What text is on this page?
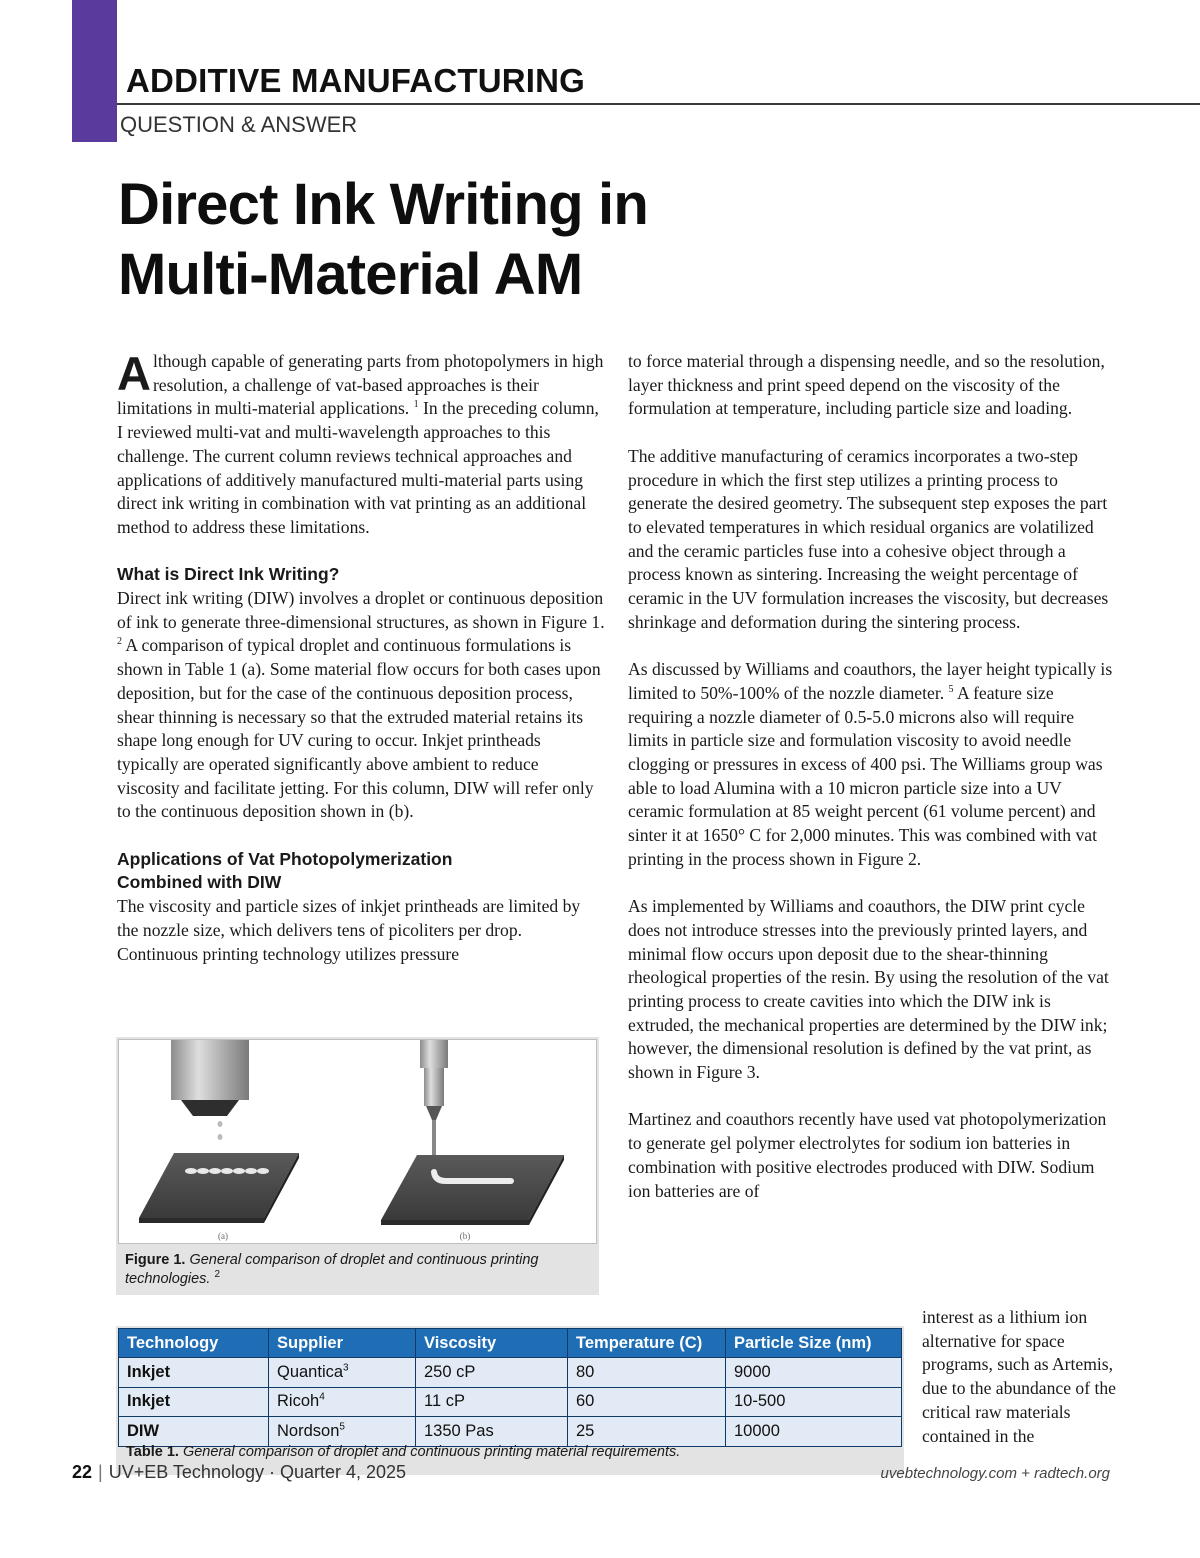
ADDITIVE MANUFACTURING
QUESTION & ANSWER
Direct Ink Writing in
Multi-Material AM

Although capable of generating parts from photopolymers in high resolution, a challenge of vat-based approaches is their limitations in multi-material applications. $^1$ In the preceding column, I reviewed multi-vat and multi-wavelength approaches to this challenge. The current column reviews technical approaches and applications of additively manufactured multi-material parts using direct ink writing in combination with vat printing as an additional method to address these limitations.

What is Direct Ink Writing?

Direct ink writing (DIW) involves a droplet or continuous deposition of ink to generate three-dimensional structures, as shown in Figure 1. $^2$ A comparison of typical droplet and continuous formulations is shown in Table 1 (a). Some material flow occurs for both cases upon deposition, but for the case of the continuous deposition process, shear thinning is necessary so that the extruded material retains its shape long enough for UV curing to occur. Inkjet printheads typically are operated significantly above ambient to reduce viscosity and facilitate jetting. For this column, DIW will refer only to the continuous deposition shown in (b).

Applications of Vat Photopolymerization
Combined with DIW

The viscosity and particle sizes of inkjet printheads are limited by the nozzle size, which delivers tens of picoliters per drop. Continuous printing technology utilizes pressure

to force material through a dispensing needle, and so the resolution, layer thickness and print speed depend on the viscosity of the formulation at temperature, including particle size and loading.

The additive manufacturing of ceramics incorporates a two-step procedure in which the first step utilizes a printing process to generate the desired geometry. The subsequent step exposes the part to elevated temperatures in which residual organics are volatilized and the ceramic particles fuse into a cohesive object through a process known as sintering. Increasing the weight percentage of ceramic in the UV formulation increases the viscosity, but decreases shrinkage and deformation during the sintering process.

As discussed by Williams and coauthors, the layer height typically is limited to 50%-100% of the nozzle diameter. $^5$ A feature size requiring a nozzle diameter of 0.5-5.0 microns also will require limits in particle size and formulation viscosity to avoid needle clogging or pressures in excess of 400 psi. The Williams group was able to load Alumina with a 10 micron particle size into a UV ceramic formulation at 85 weight percent (61 volume percent) and sinter it at 1650° C for 2,000 minutes. This was combined with vat printing in the process shown in Figure 2.

As implemented by Williams and coauthors, the DIW print cycle does not introduce stresses into the previously printed layers, and minimal flow occurs upon deposit due to the shear-thinning rheological properties of the resin. By using the resolution of the vat printing process to create cavities into which the DIW ink is extruded, the mechanical properties are determined by the DIW ink; however, the dimensional resolution is defined by the vat print, as shown in Figure 3.

Martinez and coauthors recently have used vat photopolymerization to generate gel polymer electrolytes for sodium ion batteries in combination with positive electrodes produced with DIW. Sodium ion batteries are of

interest as a lithium ion alternative for space programs, such as Artemis, due to the abundance of the critical raw materials contained in the
(a)	(b)
Figure 1. General comparison of droplet and continuous printing technologies. $^2$
Technology	Supplier	Viscosity	Temperature (C)	Particle Size (nm)
Inkjet	Quantica$^3$	250 cP	80	9000
Inkjet	Ricoh$^4$	11 cP	60	10-500
DIW	Nordson$^5$	1350 Pas	25	10000
Table 1. General comparison of droplet and continuous printing material requirements.
22 | UV+EB Technology · Quarter 4, 2025	uvebtechnology.com + radtech.org
